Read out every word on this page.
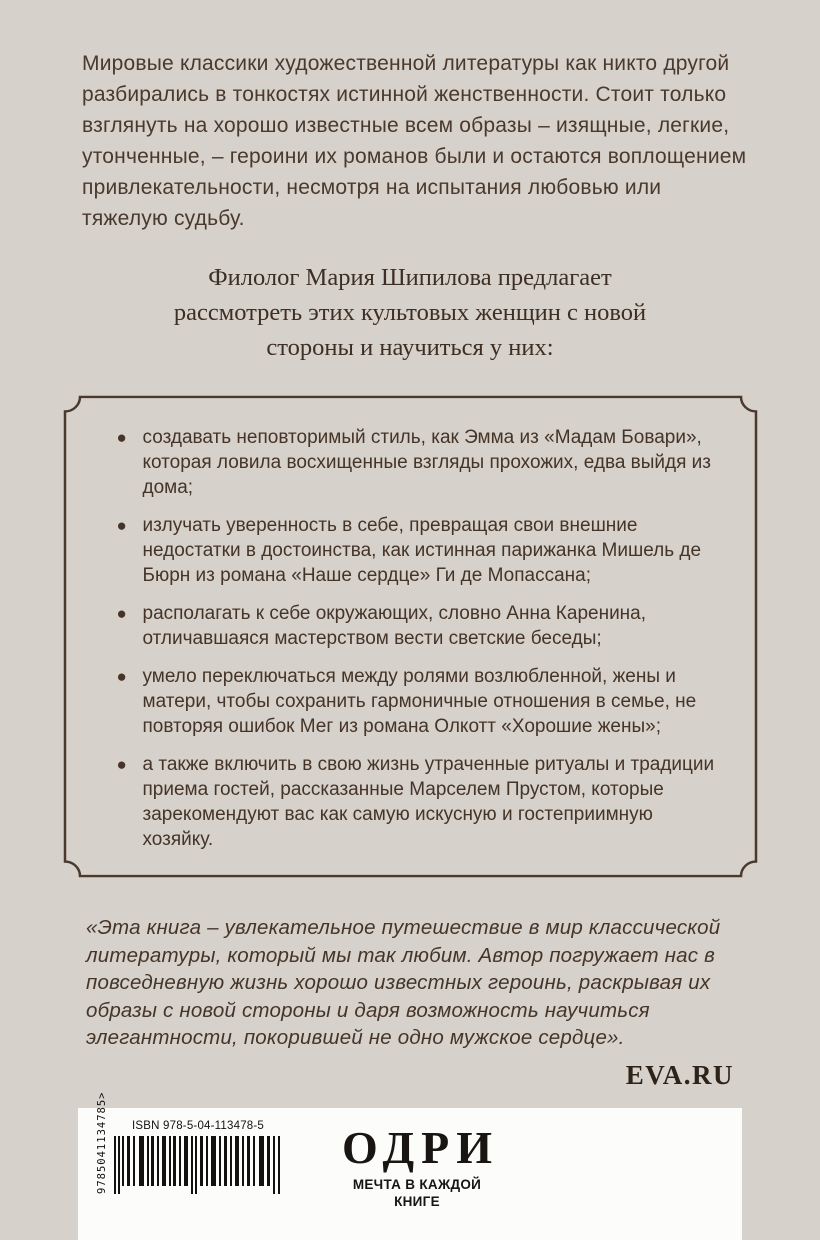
Мировые классики художественной литературы как никто другой разбирались в тонкостях истинной женственности. Стоит только взглянуть на хорошо известные всем образы – изящные, легкие, утонченные, – героини их романов были и остаются воплощением привлекательности, несмотря на испытания любовью или тяжелую судьбу.

Филолог Мария Шипилова предлагает рассмотреть этих культовых женщин с новой стороны и научиться у них:

● создавать неповторимый стиль, как Эмма из «Мадам Бовари», которая ловила восхищенные взгляды прохожих, едва выйдя из дома;
● излучать уверенность в себе, превращая свои внешние недостатки в достоинства, как истинная парижанка Мишель де Бюрн из романа «Наше сердце» Ги де Мопассана;
● располагать к себе окружающих, словно Анна Каренина, отличавшаяся мастерством вести светские беседы;
● умело переключаться между ролями возлюбленной, жены и матери, чтобы сохранить гармоничные отношения в семье, не повторяя ошибок Мег из романа Олкотт «Хорошие жены»;
● а также включить в свою жизнь утраченные ритуалы и традиции приема гостей, рассказанные Марселем Прустом, которые зарекомендуют вас как самую искусную и гостеприимную хозяйку.

«Эта книга – увлекательное путешествие в мир классической литературы, который мы так любим. Автор погружает нас в повседневную жизнь хорошо известных героинь, раскрывая их образы с новой стороны и даря возможность научиться элегантности, покорившей не одно мужское сердце».

EVA.RU

9785041134785>	ISBN 978-5-04-113478-5	ОДРИ
МЕЧТА В КАЖДОЙ КНИГЕ
